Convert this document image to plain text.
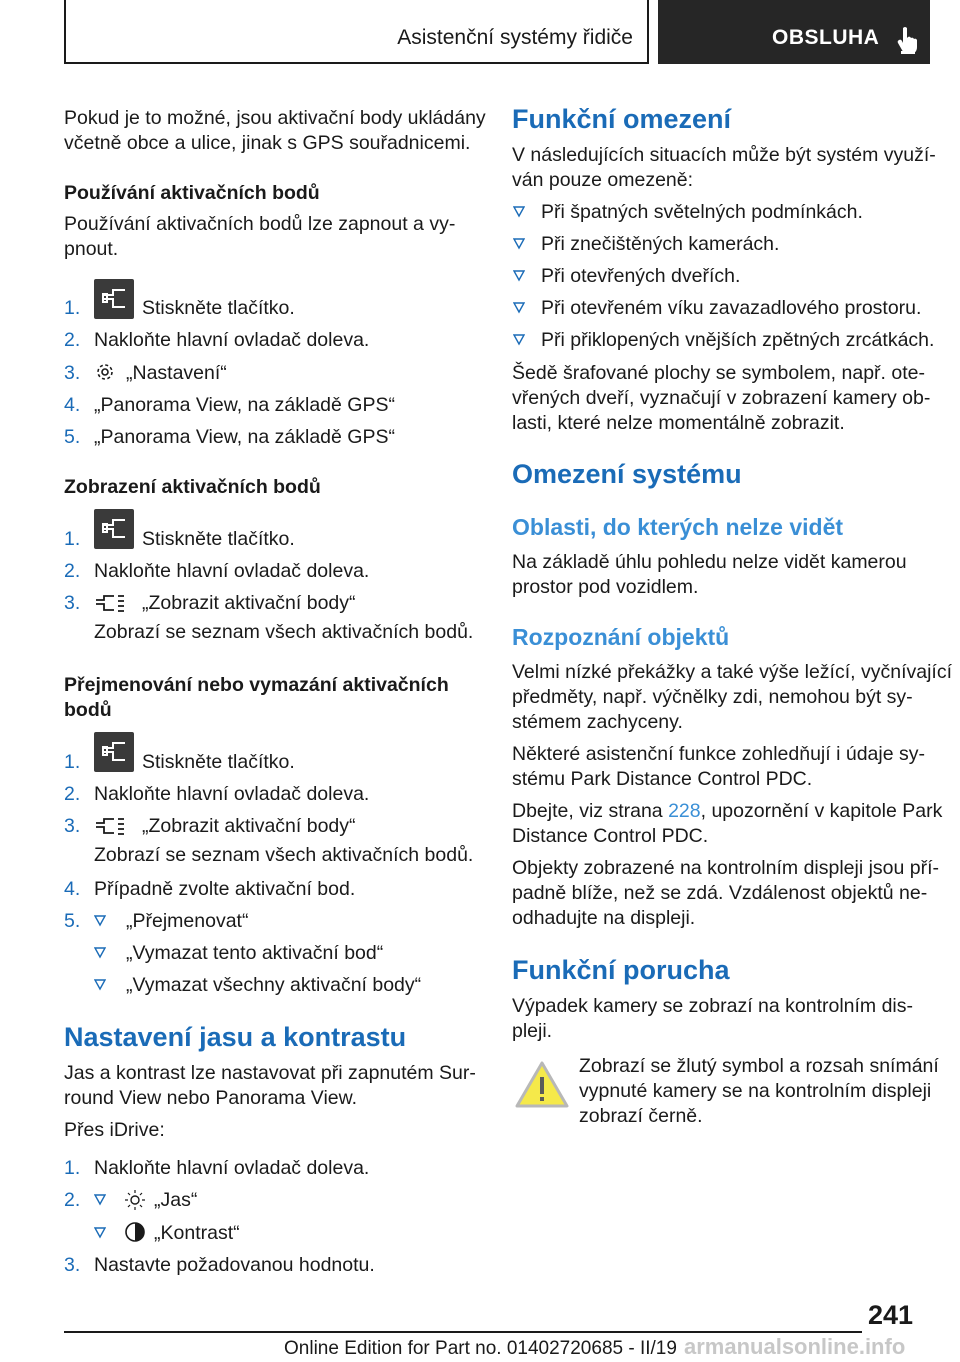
Asistenční systémy řidiče	OBSLUHA
Pokud je to možné, jsou aktivační body ukládány
včetně obce a ulice, jinak s GPS souřadnicemi.
Používání aktivačních bodů
Používání aktivačních bodů lze zapnout a vy-
pnout.
1.	Stiskněte tlačítko.
2. Nakloňte hlavní ovladač doleva.
3. „Nastavení“
4. „Panorama View, na základě GPS“
5. „Panorama View, na základě GPS“
Zobrazení aktivačních bodů
1.	Stiskněte tlačítko.
2. Nakloňte hlavní ovladač doleva.
3.	„Zobrazit aktivační body“
Zobrazí se seznam všech aktivačních bodů.
Přejmenování nebo vymazání aktivačních
bodů
1.	Stiskněte tlačítko.
2. Nakloňte hlavní ovladač doleva.
3.	„Zobrazit aktivační body“
Zobrazí se seznam všech aktivačních bodů.
4. Případně zvolte aktivační bod.
5. „Přejmenovat“
„Vymazat tento aktivační bod“
„Vymazat všechny aktivační body“
Nastavení jasu a kontrastu
Jas a kontrast lze nastavovat při zapnutém Sur-
round View nebo Panorama View.
Přes iDrive:
1. Nakloňte hlavní ovladač doleva.
2.	„Jas“
„Kontrast“
3. Nastavte požadovanou hodnotu.
Funkční omezení
V následujících situacích může být systém využí-
ván pouze omezeně:
Při špatných světelných podmínkách.
Při znečištěných kamerách.
Při otevřených dveřích.
Při otevřeném víku zavazadlového prostoru.
Při přiklopených vnějších zpětných zrcátkách.
Šedě šrafované plochy se symbolem, např. ote-
vřených dveří, vyznačují v zobrazení kamery ob-
lasti, které nelze momentálně zobrazit.
Omezení systému
Oblasti, do kterých nelze vidět
Na základě úhlu pohledu nelze vidět kamerou
prostor pod vozidlem.
Rozpoznání objektů
Velmi nízké překážky a také výše ležící, vyčnívající
předměty, např. výčnělky zdi, nemohou být sy-
stémem zachyceny.
Některé asistenční funkce zohledňují i údaje sy-
stému Park Distance Control PDC.
Dbejte, viz strana 228, upozornění v kapitole Park
Distance Control PDC.
Objekty zobrazené na kontrolním displeji jsou pří-
padně blíže, než se zdá. Vzdálenost objektů ne-
odhadujte na displeji.
Funkční porucha
Výpadek kamery se zobrazí na kontrolním dis-
pleji.
Zobrazí se žlutý symbol a rozsah snímání
vypnuté kamery se na kontrolním displeji
zobrazí černě.
241
Online Edition for Part no. 01402720685 - II/19 armanualsonline.info
